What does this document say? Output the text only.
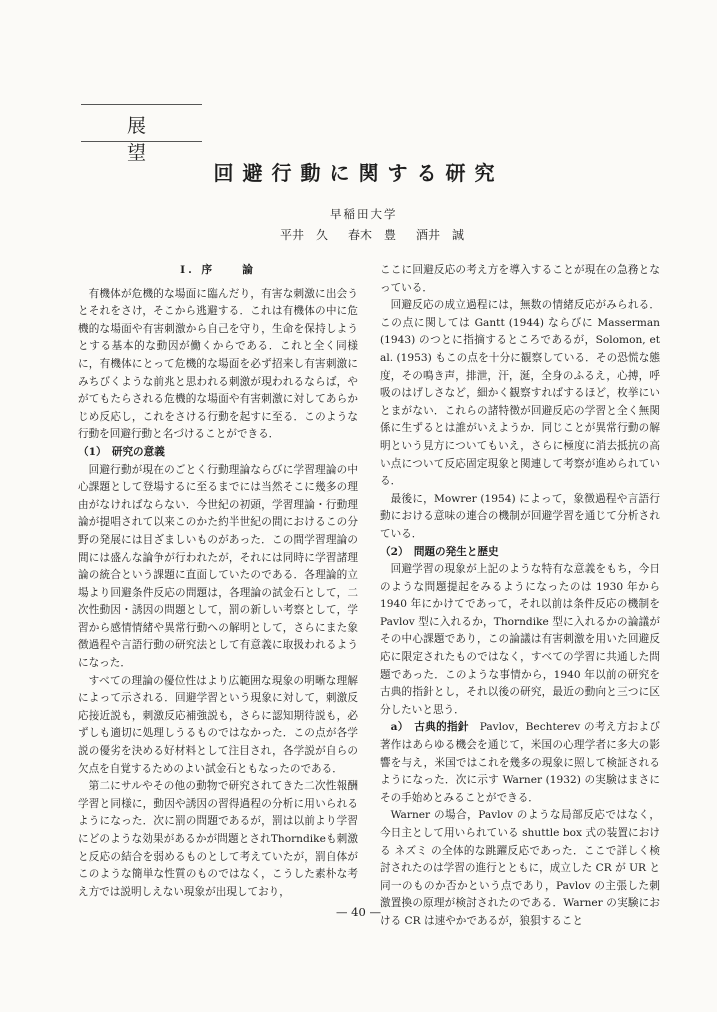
展　望
回避行動に関する研究
早稲田大学
平井　久 春木　豊 酒井　誠
I. 序　　論

有機体が危機的な場面に臨んだり，有害な刺激に出会うとそれをさけ，そこから逃避する．これは有機体の中に危機的な場面や有害刺激から自己を守り，生命を保持しようとする基本的な動因が働くからである．これと全く同様に，有機体にとって危機的な場面を必ず招来し有害刺激にみちびくような前兆と思われる刺激が現われるならば，やがてもたらされる危機的な場面や有害刺激に対してあらかじめ反応し，これをさける行動を起すに至る．このような行動を回避行動と名づけることができる．

（1）　研究の意義

回避行動が現在のごとく行動理論ならびに学習理論の中心課題として登場するに至るまでには当然そこに幾多の理由がなければならない．今世紀の初頭，学習理論・行動理論が提唱されて以来このかた約半世紀の間におけるこの分野の発展には目ざましいものがあった．この間学習理論の間には盛んな論争が行われたが，それには同時に学習諸理論の統合という課題に直面していたのである．各理論的立場より回避条件反応の問題は，各理論の試金石として，二次性動因・誘因の問題として，罰の新しい考察として，学習から感情情緒や異常行動への解明として，さらにまた象徴過程や言語行動の研究法として有意義に取扱われるようになった．

すべての理論の優位性はより広範囲な現象の明晰な理解によって示される．回避学習という現象に対して，刺激反応接近説も，刺激反応補強説も，さらに認知期待説も，必ずしも適切に処理しうるものではなかった．この点が各学説の優劣を決める好材料として注目され，各学説が自らの欠点を自覚するためのよい試金石ともなったのである．

第二にサルやその他の動物で研究されてきた二次性報酬学習と同様に，動因や誘因の習得過程の分析に用いられるようになった．次に罰の問題であるが，罰は以前より学習にどのような効果があるかが問題とされThorndikeも刺激と反応の結合を弱めるものとして考えていたが，罰自体がこのような簡単な性質のものではなく，こうした素朴な考え方では説明しえない現象が出現しており，

ここに回避反応の考え方を導入することが現在の急務となっている．

回避反応の成立過程には，無数の情緒反応がみられる．この点に関しては Gantt (1944) ならびに Masserman (1943) のつとに指摘するところであるが，Solomon, et al. (1953) もこの点を十分に観察している．その恐慌な態度，その鳴き声，排泄，汗，涎，全身のふるえ，心搏，呼吸のはげしさなど，細かく観察すればするほど，枚挙にいとまがない．これらの諸特徴が回避反応の学習と全く無関係に生ずるとは誰がいえようか．同じことが異常行動の解明という見方についてもいえ，さらに極度に消去抵抗の高い点について反応固定現象と関連して考察が進められている．

最後に，Mowrer (1954) によって，象徴過程や言語行動における意味の連合の機制が回避学習を通じて分析されている．

（2）　問題の発生と歴史

回避学習の現象が上記のような特有な意義をもち，今日のような問題提起をみるようになったのは 1930 年から 1940 年にかけてであって，それ以前は条件反応の機制を Pavlov 型に入れるか，Thorndike 型に入れるかの論議がその中心課題であり，この論議は有害刺激を用いた回避反応に限定されたものではなく，すべての学習に共通した問題であった．このような事情から，1940 年以前の研究を古典的指針とし，それ以後の研究，最近の動向と三つに区分したいと思う．

a）　古典的指針　 Pavlov，Bechterev の考え方および著作はあらゆる機会を通じて，米国の心理学者に多大の影響を与え，米国ではこれを幾多の現象に照して検証されるようになった．次に示す Warner (1932) の実験はまさにその手始めとみることができる．

Warner の場合，Pavlov のような局部反応ではなく，今日主として用いられている shuttle box 式の装置における ネズミ の全体的な跳躍反応であった．ここで詳しく検討されたのは学習の進行とともに，成立した CR が UR と同一のものか否かという点であり，Pavlov の主張した刺激置換の原理が検討されたのである．Warner の実験における CR は速やかであるが，狼狽すること

— 40 —
